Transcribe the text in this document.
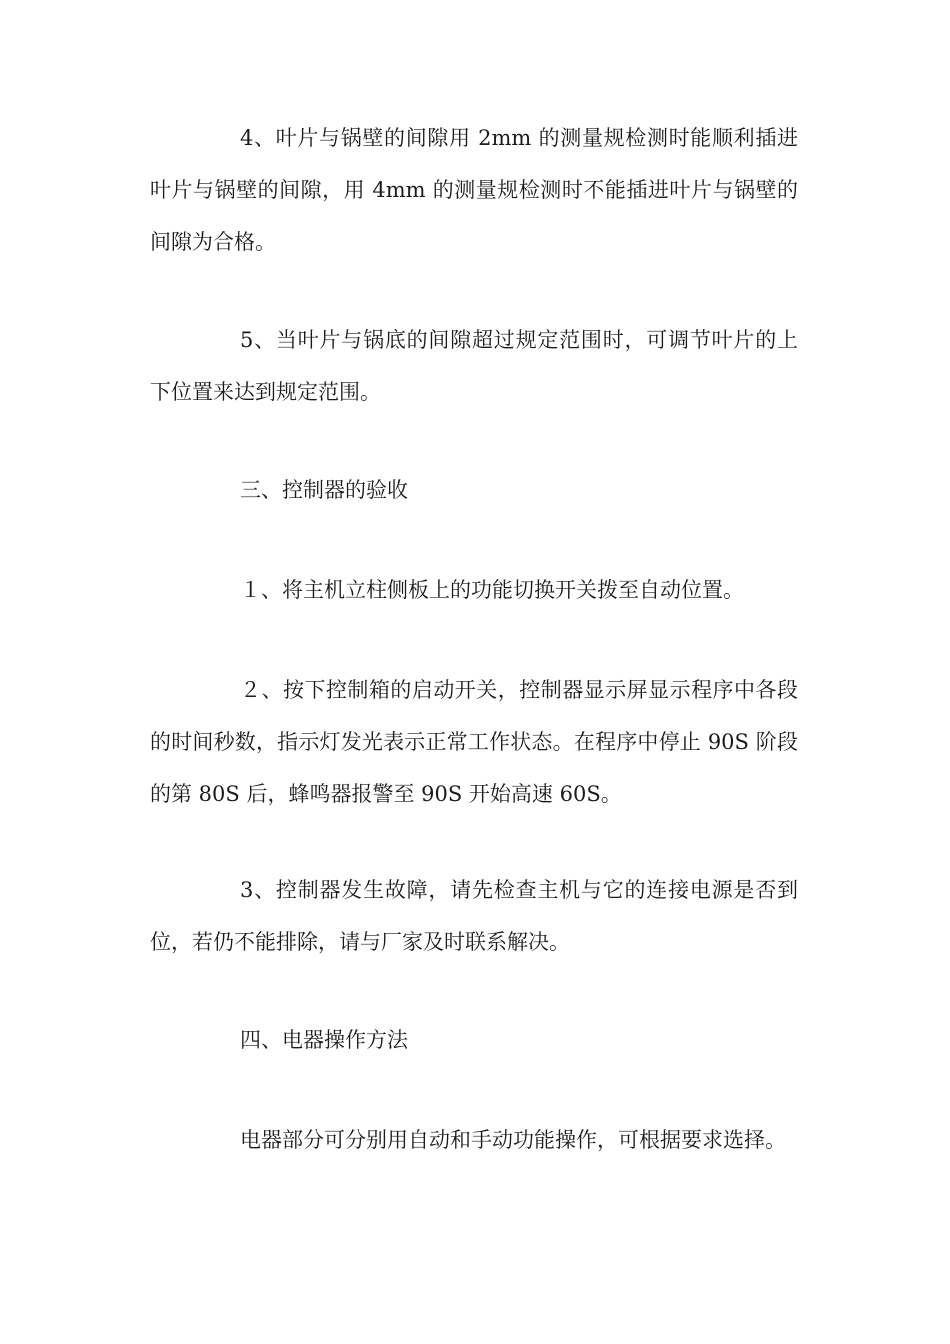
4、叶片与锅壁的间隙用 2mm 的测量规检测时能顺利插进叶片与锅壁的间隙，用 4mm 的测量规检测时不能插进叶片与锅壁的间隙为合格。

5、当叶片与锅底的间隙超过规定范围时，可调节叶片的上下位置来达到规定范围。

三、控制器的验收

１、将主机立柱侧板上的功能切换开关拨至自动位置。

２、按下控制箱的启动开关，控制器显示屏显示程序中各段的时间秒数，指示灯发光表示正常工作状态。在程序中停止 90S 阶段的第 80S 后，蜂鸣器报警至 90S 开始高速 60S。

3、控制器发生故障，请先检查主机与它的连接电源是否到位，若仍不能排除，请与厂家及时联系解决。

四、电器操作方法

电器部分可分别用自动和手动功能操作，可根据要求选择。
